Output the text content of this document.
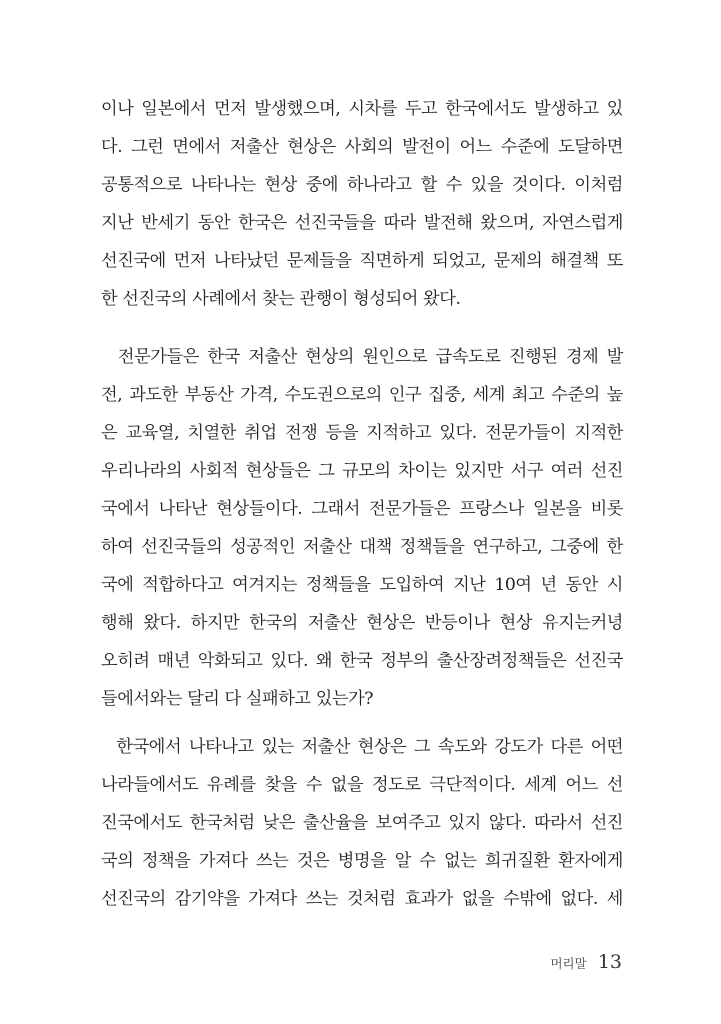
이나 일본에서 먼저 발생했으며, 시차를 두고 한국에서도 발생하고 있
다. 그런 면에서 저출산 현상은 사회의 발전이 어느 수준에 도달하면
공통적으로 나타나는 현상 중에 하나라고 할 수 있을 것이다. 이처럼
지난 반세기 동안 한국은 선진국들을 따라 발전해 왔으며, 자연스럽게
선진국에 먼저 나타났던 문제들을 직면하게 되었고, 문제의 해결책 또
한 선진국의 사례에서 찾는 관행이 형성되어 왔다.
전문가들은 한국 저출산 현상의 원인으로 급속도로 진행된 경제 발
전, 과도한 부동산 가격, 수도권으로의 인구 집중, 세계 최고 수준의 높
은 교육열, 치열한 취업 전쟁 등을 지적하고 있다. 전문가들이 지적한
우리나라의 사회적 현상들은 그 규모의 차이는 있지만 서구 여러 선진
국에서 나타난 현상들이다. 그래서 전문가들은 프랑스나 일본을 비롯
하여 선진국들의 성공적인 저출산 대책 정책들을 연구하고, 그중에 한
국에 적합하다고 여겨지는 정책들을 도입하여 지난 10여 년 동안 시
행해 왔다. 하지만 한국의 저출산 현상은 반등이나 현상 유지는커녕
오히려 매년 악화되고 있다. 왜 한국 정부의 출산장려정책들은 선진국
들에서와는 달리 다 실패하고 있는가?
한국에서 나타나고 있는 저출산 현상은 그 속도와 강도가 다른 어떤
나라들에서도 유례를 찾을 수 없을 정도로 극단적이다. 세계 어느 선
진국에서도 한국처럼 낮은 출산율을 보여주고 있지 않다. 따라서 선진
국의 정책을 가져다 쓰는 것은 병명을 알 수 없는 희귀질환 환자에게
선진국의 감기약을 가져다 쓰는 것처럼 효과가 없을 수밖에 없다. 세
머리말 13
